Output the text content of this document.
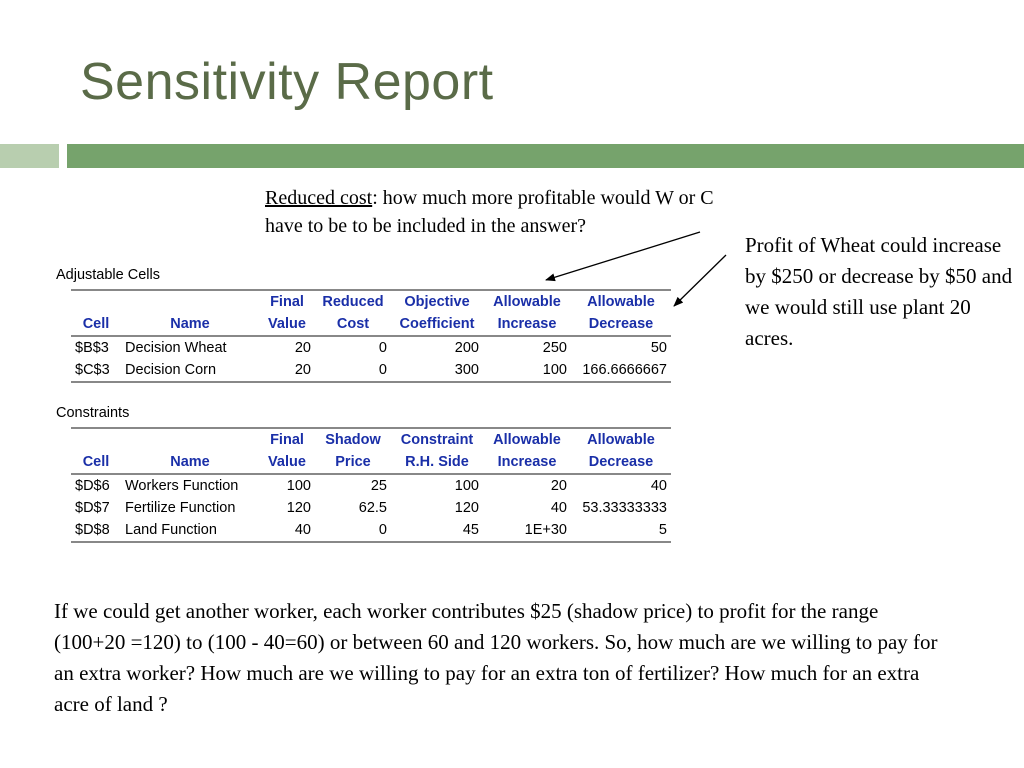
Sensitivity Report
Reduced cost: how much more profitable would W or C have to be to be included in the answer?
Profit of Wheat could increase by $250 or decrease by $50 and we would still use plant 20 acres.
Adjustable Cells
		Final	Reduced	Objective	Allowable	Allowable
Cell	Name	Value	Cost	Coefficient	Increase	Decrease
$B$3	Decision Wheat	20	0	200	250	50
$C$3	Decision Corn	20	0	300	100	166.6666667
Constraints
		Final	Shadow	Constraint	Allowable	Allowable
Cell	Name	Value	Price	R.H. Side	Increase	Decrease
$D$6	Workers Function	100	25	100	20	40
$D$7	Fertilize Function	120	62.5	120	40	53.33333333
$D$8	Land Function	40	0	45	1E+30	5
If we could get another worker, each worker contributes $25 (shadow price) to profit for the range (100+20 =120) to (100 - 40=60) or between 60 and 120 workers. So, how much are we willing to pay for an extra worker? How much are we willing to pay for an extra ton of fertilizer? How much for an extra acre of land ?
